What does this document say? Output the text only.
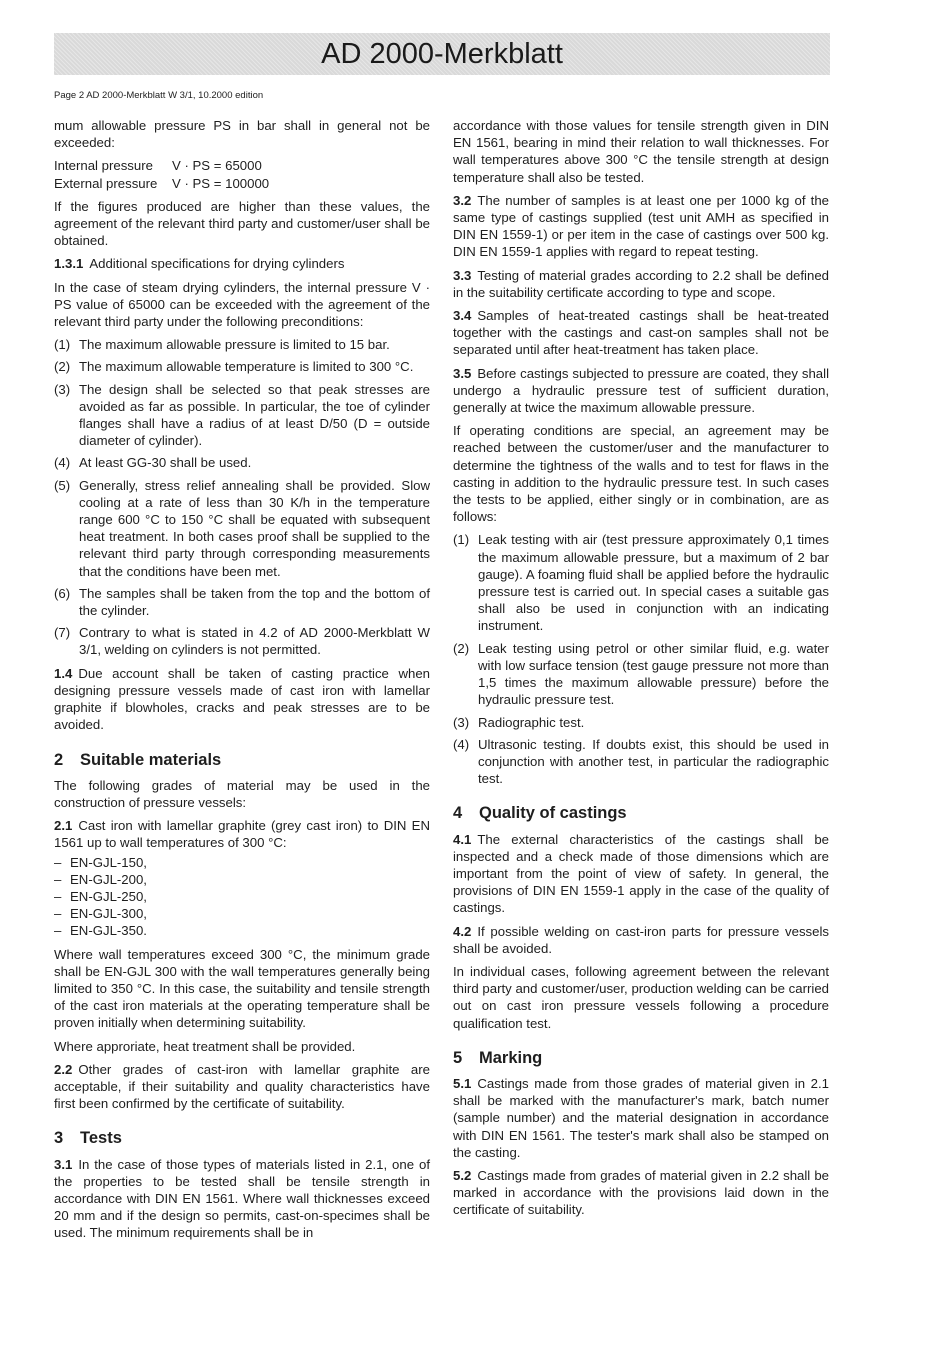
AD 2000-Merkblatt
Page 2 AD 2000-Merkblatt W 3/1, 10.2000 edition

mum allowable pressure PS in bar shall in general not be exceeded:

Internal pressure V · PS = 65000
External pressure V · PS = 100000

If the figures produced are higher than these values, the agreement of the relevant third party and customer/user shall be obtained.

1.3.1 Additional specifications for drying cylinders

In the case of steam drying cylinders, the internal pressure V · PS value of 65000 can be exceeded with the agreement of the relevant third party under the following preconditions:

(1) The maximum allowable pressure is limited to 15 bar.
(2) The maximum allowable temperature is limited to 300 °C.
(3) The design shall be selected so that peak stresses are avoided as far as possible. In particular, the toe of cylinder flanges shall have a radius of at least D/50 (D = outside diameter of cylinder).
(4) At least GG-30 shall be used.
(5) Generally, stress relief annealing shall be provided. Slow cooling at a rate of less than 30 K/h in the temperature range 600 °C to 150 °C shall be equated with subsequent heat treatment. In both cases proof shall be supplied to the relevant third party through corresponding measurements that the conditions have been met.
(6) The samples shall be taken from the top and the bottom of the cylinder.
(7) Contrary to what is stated in 4.2 of AD 2000-Merkblatt W 3/1, welding on cylinders is not permitted.

1.4 Due account shall be taken of casting practice when designing pressure vessels made of cast iron with lamellar graphite if blowholes, cracks and peak stresses are to be avoided.

2 Suitable materials

The following grades of material may be used in the construction of pressure vessels:

2.1 Cast iron with lamellar graphite (grey cast iron) to DIN EN 1561 up to wall temperatures of 300 °C:

– EN-GJL-150,
– EN-GJL-200,
– EN-GJL-250,
– EN-GJL-300,
– EN-GJL-350.

Where wall temperatures exceed 300 °C, the minimum grade shall be EN-GJL 300 with the wall temperatures generally being limited to 350 °C. In this case, the suitability and tensile strength of the cast iron materials at the operating temperature shall be proven initially when determining suitability.

Where approriate, heat treatment shall be provided.

2.2 Other grades of cast-iron with lamellar graphite are acceptable, if their suitability and quality characteristics have first been confirmed by the certificate of suitability.

3 Tests

3.1 In the case of those types of materials listed in 2.1, one of the properties to be tested shall be tensile strength in accordance with DIN EN 1561. Where wall thicknesses exceed 20 mm and if the design so permits, cast-on-specimes shall be used. The minimum requirements shall be in

accordance with those values for tensile strength given in DIN EN 1561, bearing in mind their relation to wall thicknesses. For wall temperatures above 300 °C the tensile strength at design temperature shall also be tested.

3.2 The number of samples is at least one per 1000 kg of the same type of castings supplied (test unit AMH as specified in DIN EN 1559-1) or per item in the case of castings over 500 kg. DIN EN 1559-1 applies with regard to repeat testing.

3.3 Testing of material grades according to 2.2 shall be defined in the suitability certificate according to type and scope.

3.4 Samples of heat-treated castings shall be heat-treated together with the castings and cast-on samples shall not be separated until after heat-treatment has taken place.

3.5 Before castings subjected to pressure are coated, they shall undergo a hydraulic pressure test of sufficient duration, generally at twice the maximum allowable pressure.

If operating conditions are special, an agreement may be reached between the customer/user and the manufacturer to determine the tightness of the walls and to test for flaws in the casting in addition to the hydraulic pressure test. In such cases the tests to be applied, either singly or in combination, are as follows:

(1) Leak testing with air (test pressure approximately 0,1 times the maximum allowable pressure, but a maximum of 2 bar gauge). A foaming fluid shall be applied before the hydraulic pressure test is carried out. In special cases a suitable gas shall also be used in conjunction with an indicating instrument.
(2) Leak testing using petrol or other similar fluid, e.g. water with low surface tension (test gauge pressure not more than 1,5 times the maximum allowable pressure) before the hydraulic pressure test.
(3) Radiographic test.
(4) Ultrasonic testing. If doubts exist, this should be used in conjunction with another test, in particular the radiographic test.
4 Quality of castings

4.1 The external characteristics of the castings shall be inspected and a check made of those dimensions which are important from the point of view of safety. In general, the provisions of DIN EN 1559-1 apply in the case of the quality of castings.

4.2 If possible welding on cast-iron parts for pressure vessels shall be avoided.

In individual cases, following agreement between the relevant third party and customer/user, production welding can be carried out on cast iron pressure vessels following a procedure qualification test.

5 Marking

5.1 Castings made from those grades of material given in 2.1 shall be marked with the manufacturer's mark, batch numer (sample number) and the material designation in accordance with DIN EN 1561. The tester's mark shall also be stamped on the casting.

5.2 Castings made from grades of material given in 2.2 shall be marked in accordance with the provisions laid down in the certificate of suitability.
